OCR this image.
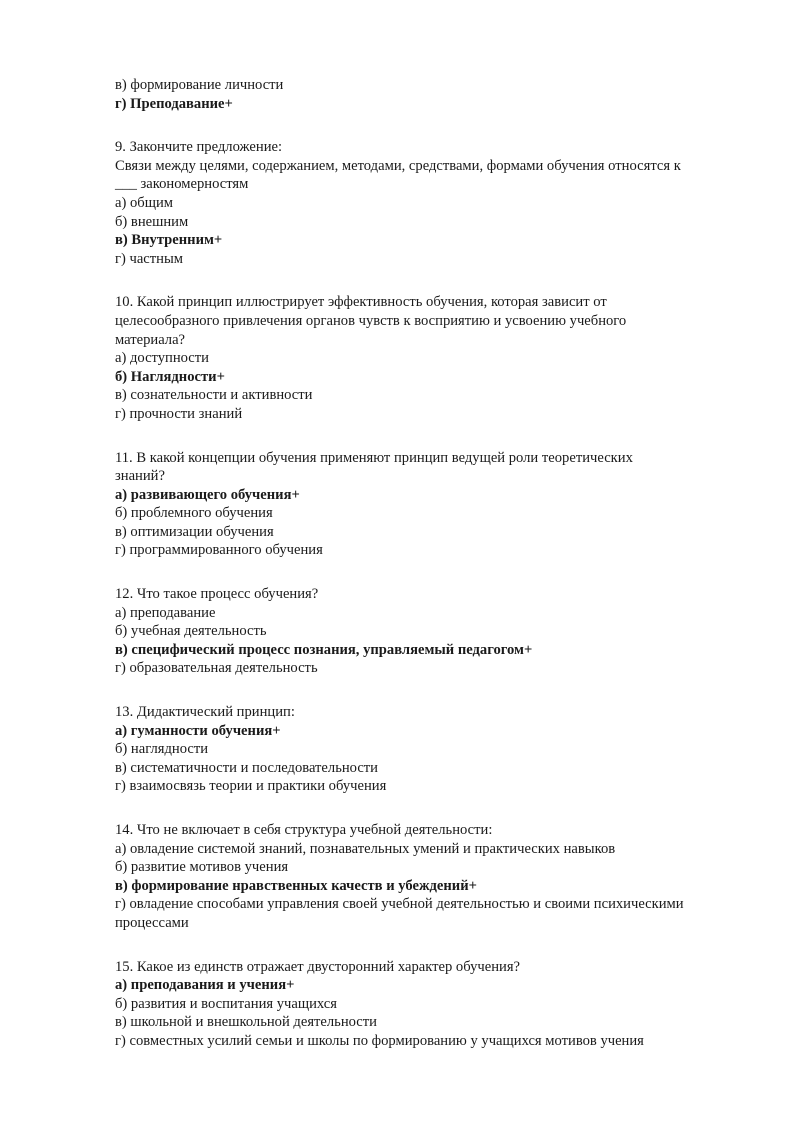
в) формирование личности
г) Преподавание+
9. Закончите предложение:
Связи между целями, содержанием, методами, средствами, формами обучения относятся к
___ закономерностям
а) общим
б) внешним
в) Внутренним+
г) частным
10. Какой принцип иллюстрирует эффективность обучения, которая зависит от
целесообразного привлечения органов чувств к восприятию и усвоению учебного
материала?
а) доступности
б) Наглядности+
в) сознательности и активности
г) прочности знаний
11. В какой концепции обучения применяют принцип ведущей роли теоретических
знаний?
а) развивающего обучения+
б) проблемного обучения
в) оптимизации обучения
г) программированного обучения
12. Что такое процесс обучения?
а) преподавание
б) учебная деятельность
в) специфический процесс познания, управляемый педагогом+
г) образовательная деятельность
13. Дидактический принцип:
а) гуманности обучения+
б) наглядности
в) систематичности и последовательности
г) взаимосвязь теории и практики обучения
14. Что не включает в себя структура учебной деятельности:
а) овладение системой знаний, познавательных умений и практических навыков
б) развитие мотивов учения
в) формирование нравственных качеств и убеждений+
г) овладение способами управления своей учебной деятельностью и своими психическими процессами
15. Какое из единств отражает двусторонний характер обучения?
а) преподавания и учения+
б) развития и воспитания учащихся
в) школьной и внешкольной деятельности
г) совместных усилий семьи и школы по формированию у учащихся мотивов учения
